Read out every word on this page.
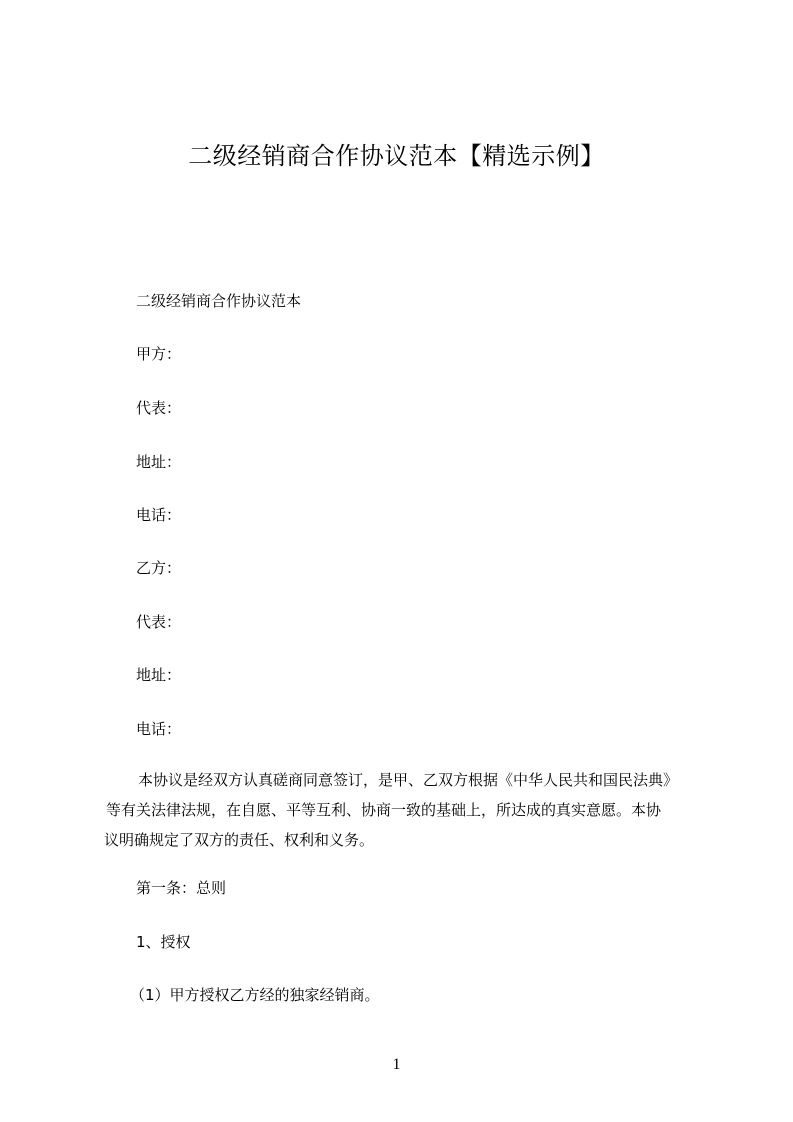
二级经销商合作协议范本【精选示例】
二级经销商合作协议范本
甲方：
代表：
地址：
电话：
乙方：
代表：
地址：
电话：
本协议是经双方认真磋商同意签订，是甲、乙双方根据《中华人民共和国民法典》
等有关法律法规，在自愿、平等互利、协商一致的基础上，所达成的真实意愿。本协
议明确规定了双方的责任、权利和义务。
第一条：总则
1、授权
（1）甲方授权乙方经的独家经销商。
1
